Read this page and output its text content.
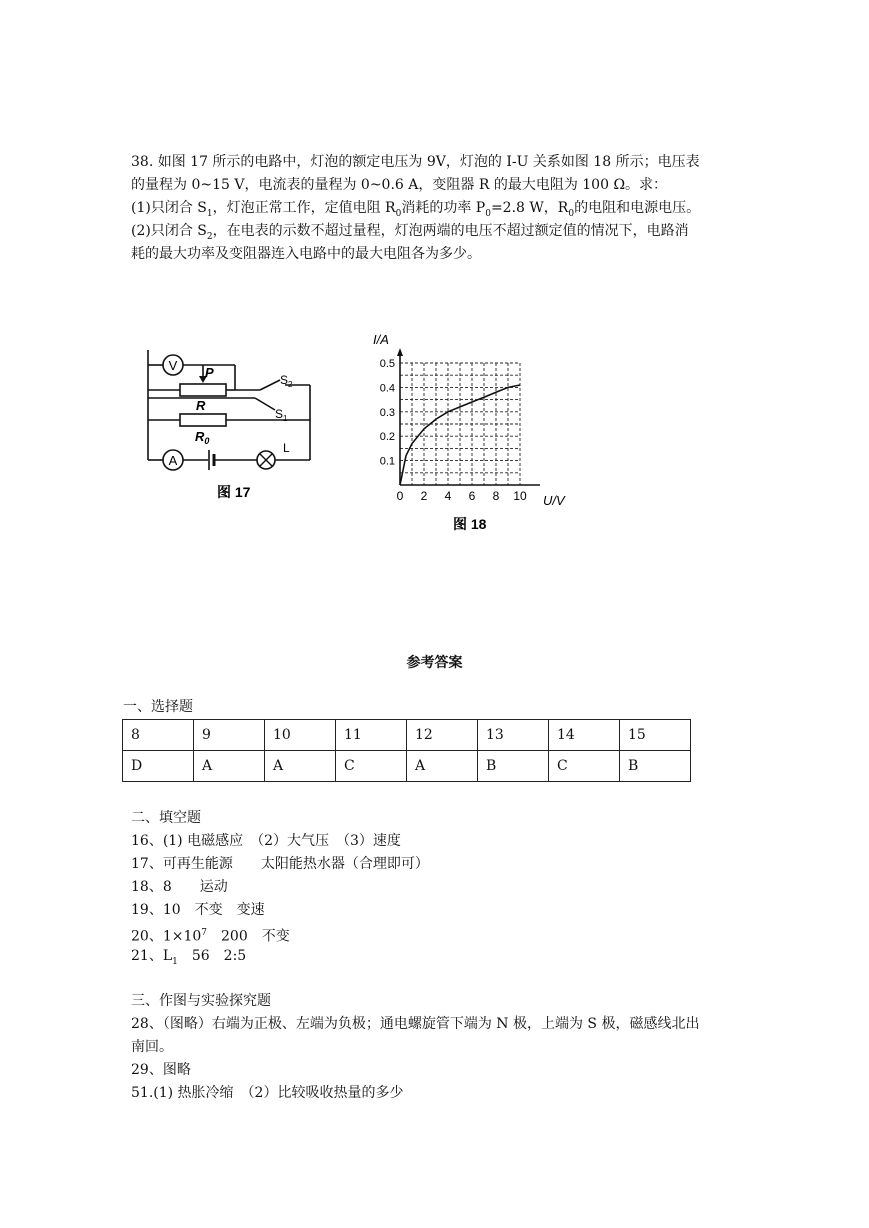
38. 如图 17 所示的电路中，灯泡的额定电压为 9V，灯泡的 I-U 关系如图 18 所示；电压表
的量程为 0~15 V，电流表的量程为 0~0.6 A，变阻器 R 的最大电阻为 100 Ω。求：
(1)只闭合 $S_1$，灯泡正常工作，定值电阻 $R_0$消耗的功率 $P_0=2.8$ W，$R_0$的电阻和电源电压。
(2)只闭合 $S_2$，在电表的示数不超过量程，灯泡两端的电压不超过额定值的情况下，电路消
耗的最大功率及变阻器连入电路中的最大电阻各为多少。
V
A
P
R
$R_0$
$S_2$
$S_1$
L
图 17
I/A
U/V
图 18
0 2 4 6 8 10
0.1
0.2
0.3
0.4
0.5
参考答案
一、选择题
8	9	10	11	12	13	14	15
D	A	A	C	A	B	C	B
二、填空题
16、(1) 电磁感应　（2）大气压　（3）速度
17、可再生能源　　太阳能热水器（合理即可）
18、8　　运动
19、10　不变　变速
20、$1\times 10^7$　200　不变
21、$L_1$　56　2:5
三、作图与实验探究题
28、（图略）右端为正极、左端为负极；通电螺旋管下端为 N 极，上端为 S 极，磁感线北出
南回。
29、图略
51.(1) 热胀冷缩　（2）比较吸收热量的多少
